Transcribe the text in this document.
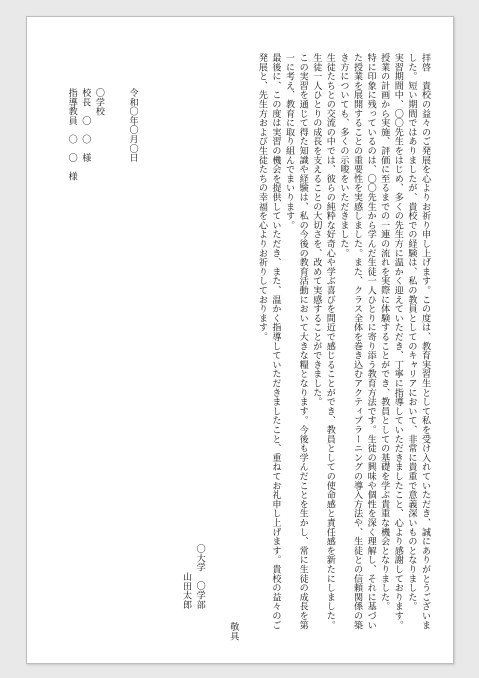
拝啓　貴校の益々のご発展を心よりお祈り申し上げます。この度は、教育実習生として私を受け入れていただき、誠にありがとうございました。短い期間ではありましたが、貴校での経験は、私の教員としてのキャリアにおいて、非常に貴重で意義深いものとなりました。
実習期間中、〇〇先生をはじめ、多くの先生方に温かく迎えていただき、丁寧に指導していただきましたこと、心より感謝しております。授業の計画から実施、評価に至るまでの一連の流れを実際に体験することができ、教員としての基礎を学ぶ貴重な機会となりました。
特に印象に残っているのは、〇〇先生から学んだ生徒一人ひとりに寄り添う教育方法です。生徒の興味や個性を深く理解し、それに基づいた授業を展開することの重要性を実感しました。また、クラス全体を巻き込むアクティブラーニングの導入方法や、生徒との信頼関係の築き方についても、多くの示唆をいただきました。
生徒たちとの交流の中では、彼らの純粋な好奇心や学ぶ喜びを間近で感じることができ、教員としての使命感と責任感を新たにしました。生徒一人ひとりの成長を支えることの大切さを、改めて実感することができました。
この実習を通じて得た知識や経験は、私の今後の教育活動において大きな糧となります。今後も学んだことを生かし、常に生徒の成長を第一に考え、教育に取り組んでまいります。
最後に、この度は実習の機会を提供していただき、また、温かく指導していただきましたこと、重ねてお礼申し上げます。貴校の益々のご発展と、先生方および生徒たちの幸福を心よりお祈りしております。
敬具
〇大学　〇学部
山田太郎
令和〇年〇月〇日
〇学校
校長　〇　〇　様
指導教員　〇　〇　様
